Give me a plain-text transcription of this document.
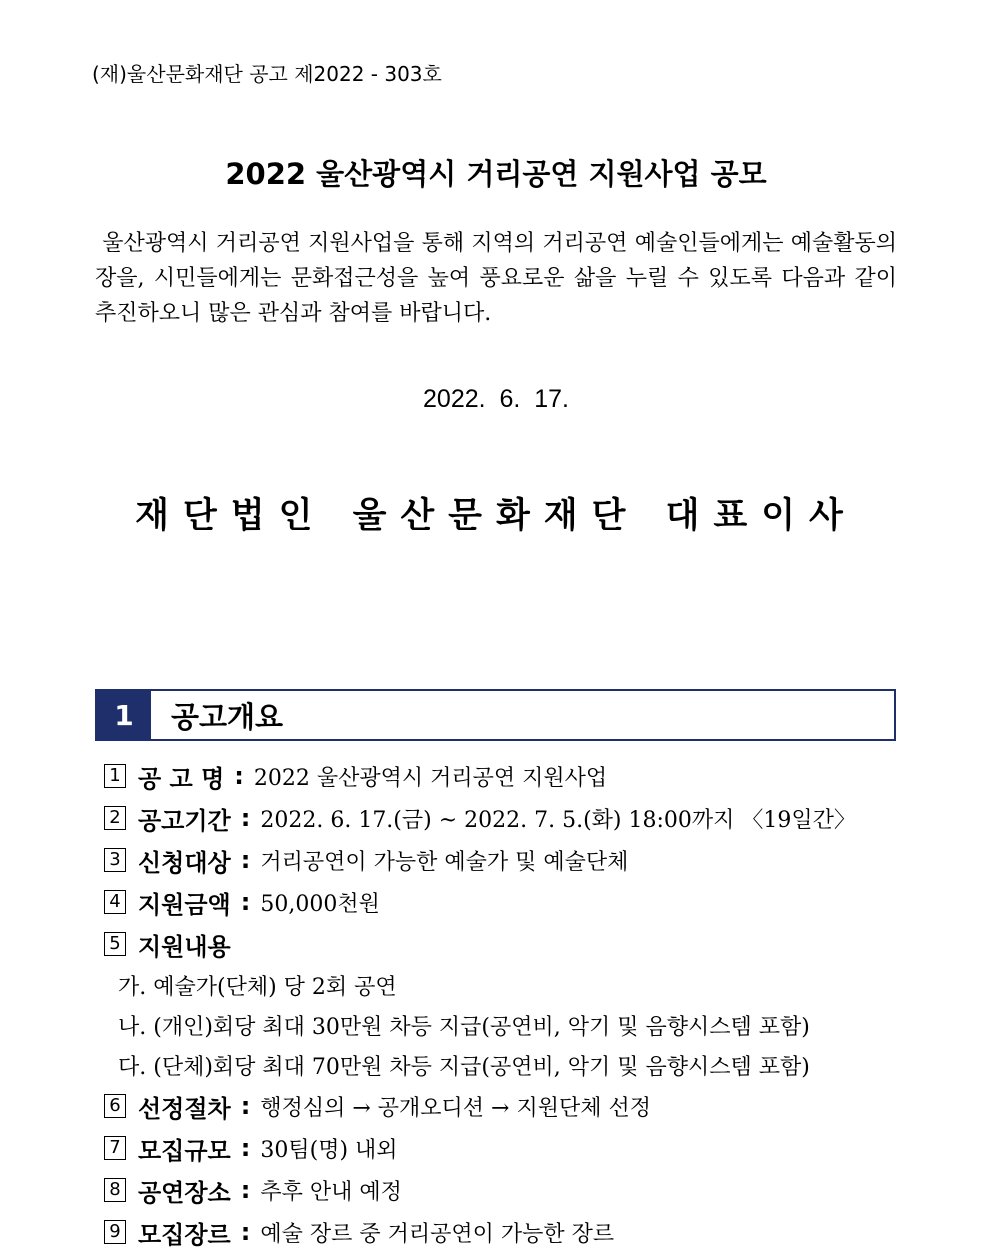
(재)울산문화재단 공고 제2022 - 303호
2022 울산광역시 거리공연 지원사업 공모
울산광역시 거리공연 지원사업을 통해 지역의 거리공연 예술인들에게는 예술활동의 장을, 시민들에게는 문화접근성을 높여 풍요로운 삶을 누릴 수 있도록 다음과 같이 추진하오니 많은 관심과 참여를 바랍니다.
2022.  6.  17.
재단법인 울산문화재단 대표이사
1	공고개요
1 공 고 명 : 2022 울산광역시 거리공연 지원사업
2 공고기간 : 2022. 6. 17.(금) ~ 2022. 7. 5.(화) 18:00까지 〈19일간〉
3 신청대상 : 거리공연이 가능한 예술가 및 예술단체
4 지원금액 : 50,000천원
5 지원내용
가. 예술가(단체) 당 2회 공연
나. (개인)회당 최대 30만원 차등 지급(공연비, 악기 및 음향시스템 포함)
다. (단체)회당 최대 70만원 차등 지급(공연비, 악기 및 음향시스템 포함)
6 선정절차 : 행정심의 → 공개오디션 → 지원단체 선정
7 모집규모 : 30팀(명) 내외
8 공연장소 : 추후 안내 예정
9 모집장르 : 예술 장르 중 거리공연이 가능한 장르
